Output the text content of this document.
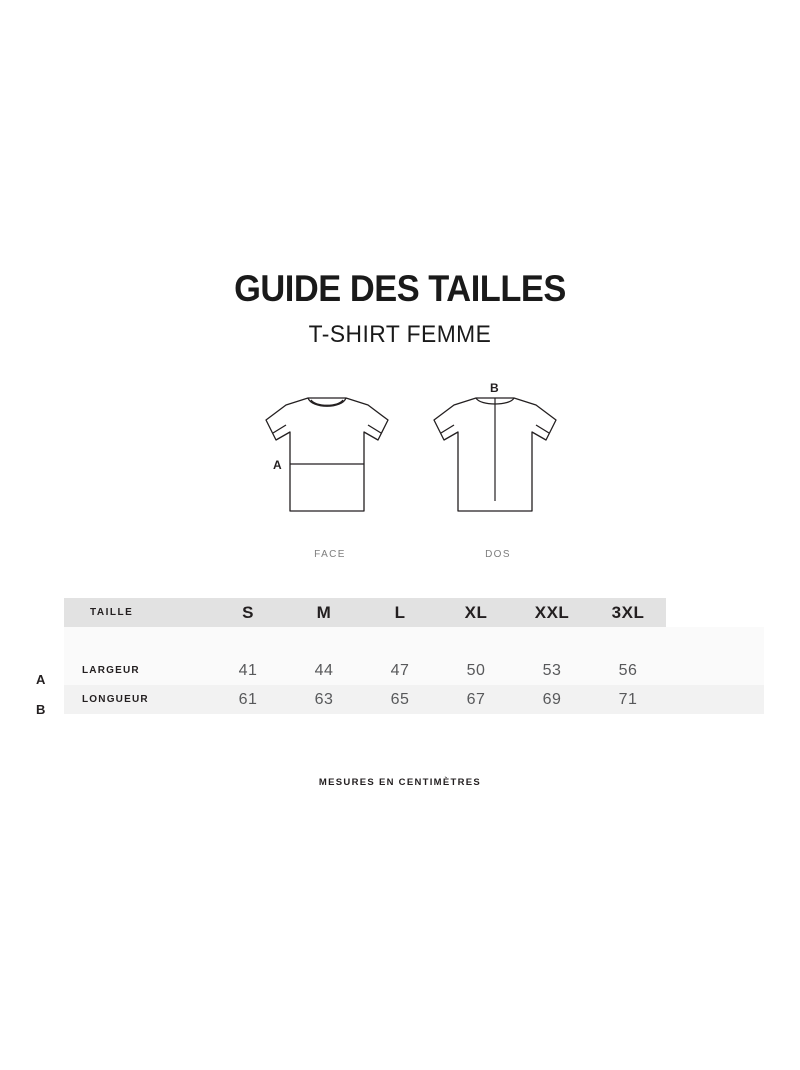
GUIDE DES TAILLES
T-SHIRT FEMME
A
B
FACE	DOS
A
B
TAILLE	S	M	L	XL	XXL	3XL	

LARGEUR	41	44	47	50	53	56	
LONGUEUR	61	63	65	67	69	71	
MESURES EN CENTIMÈTRES
